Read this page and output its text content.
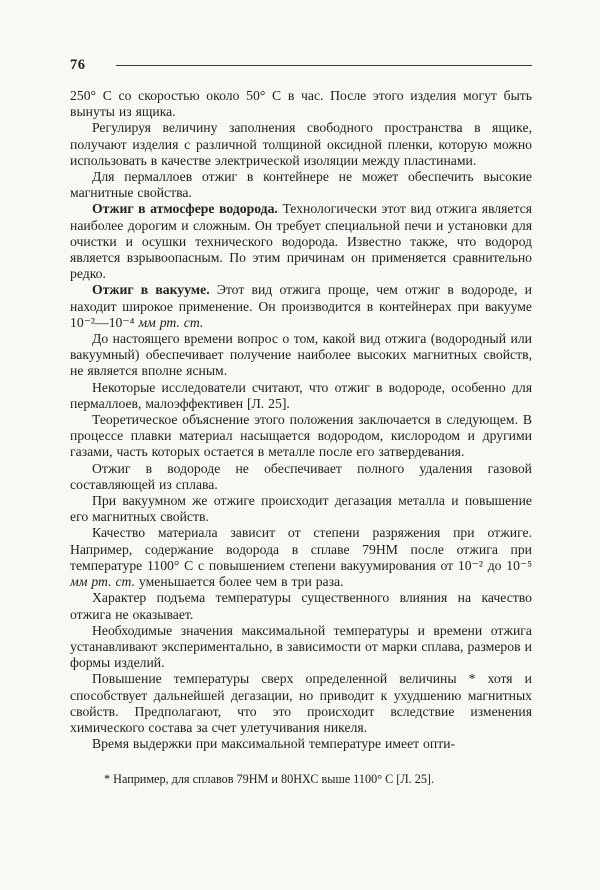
76

250° С со скоростью около 50° С в час. После этого изделия могут быть вынуты из ящика.

Регулируя величину заполнения свободного пространства в ящике, получают изделия с различной толщиной оксидной пленки, которую можно использовать в качестве электрической изоляции между пластинами.

Для пермаллоев отжиг в контейнере не может обеспечить высокие магнитные свойства.

Отжиг в атмосфере водорода. Технологически этот вид отжига является наиболее дорогим и сложным. Он требует специальной печи и установки для очистки и осушки технического водорода. Известно также, что водород является взрывоопасным. По этим причинам он применяется сравнительно редко.

Отжиг в вакууме. Этот вид отжига проще, чем отжиг в водороде, и находит широкое применение. Он производится в контейнерах при вакууме 10⁻²—10⁻⁴ мм рт. ст.

До настоящего времени вопрос о том, какой вид отжига (водородный или вакуумный) обеспечивает получение наиболее высоких магнитных свойств, не является вполне ясным.

Некоторые исследователи считают, что отжиг в водороде, особенно для пермаллоев, малоэффективен [Л. 25].

Теоретическое объяснение этого положения заключается в следующем. В процессе плавки материал насыщается водородом, кислородом и другими газами, часть которых остается в металле после его затвердевания.

Отжиг в водороде не обеспечивает полного удаления газовой составляющей из сплава.

При вакуумном же отжиге происходит дегазация металла и повышение его магнитных свойств.

Качество материала зависит от степени разряжения при отжиге. Например, содержание водорода в сплаве 79НМ после отжига при температуре 1100° С с повышением степени вакуумирования от 10⁻² до 10⁻⁵ мм рт. ст. уменьшается более чем в три раза.

Характер подъема температуры существенного влияния на качество отжига не оказывает.

Необходимые значения максимальной температуры и времени отжига устанавливают экспериментально, в зависимости от марки сплава, размеров и формы изделий.

Повышение температуры сверх определенной величины * хотя и способствует дальнейшей дегазации, но приводит к ухудшению магнитных свойств. Предполагают, что это происходит вследствие изменения химического состава за счет улетучивания никеля.

Время выдержки при максимальной температуре имеет опти-

* Например, для сплавов 79НМ и 80НХС выше 1100° С [Л. 25].
